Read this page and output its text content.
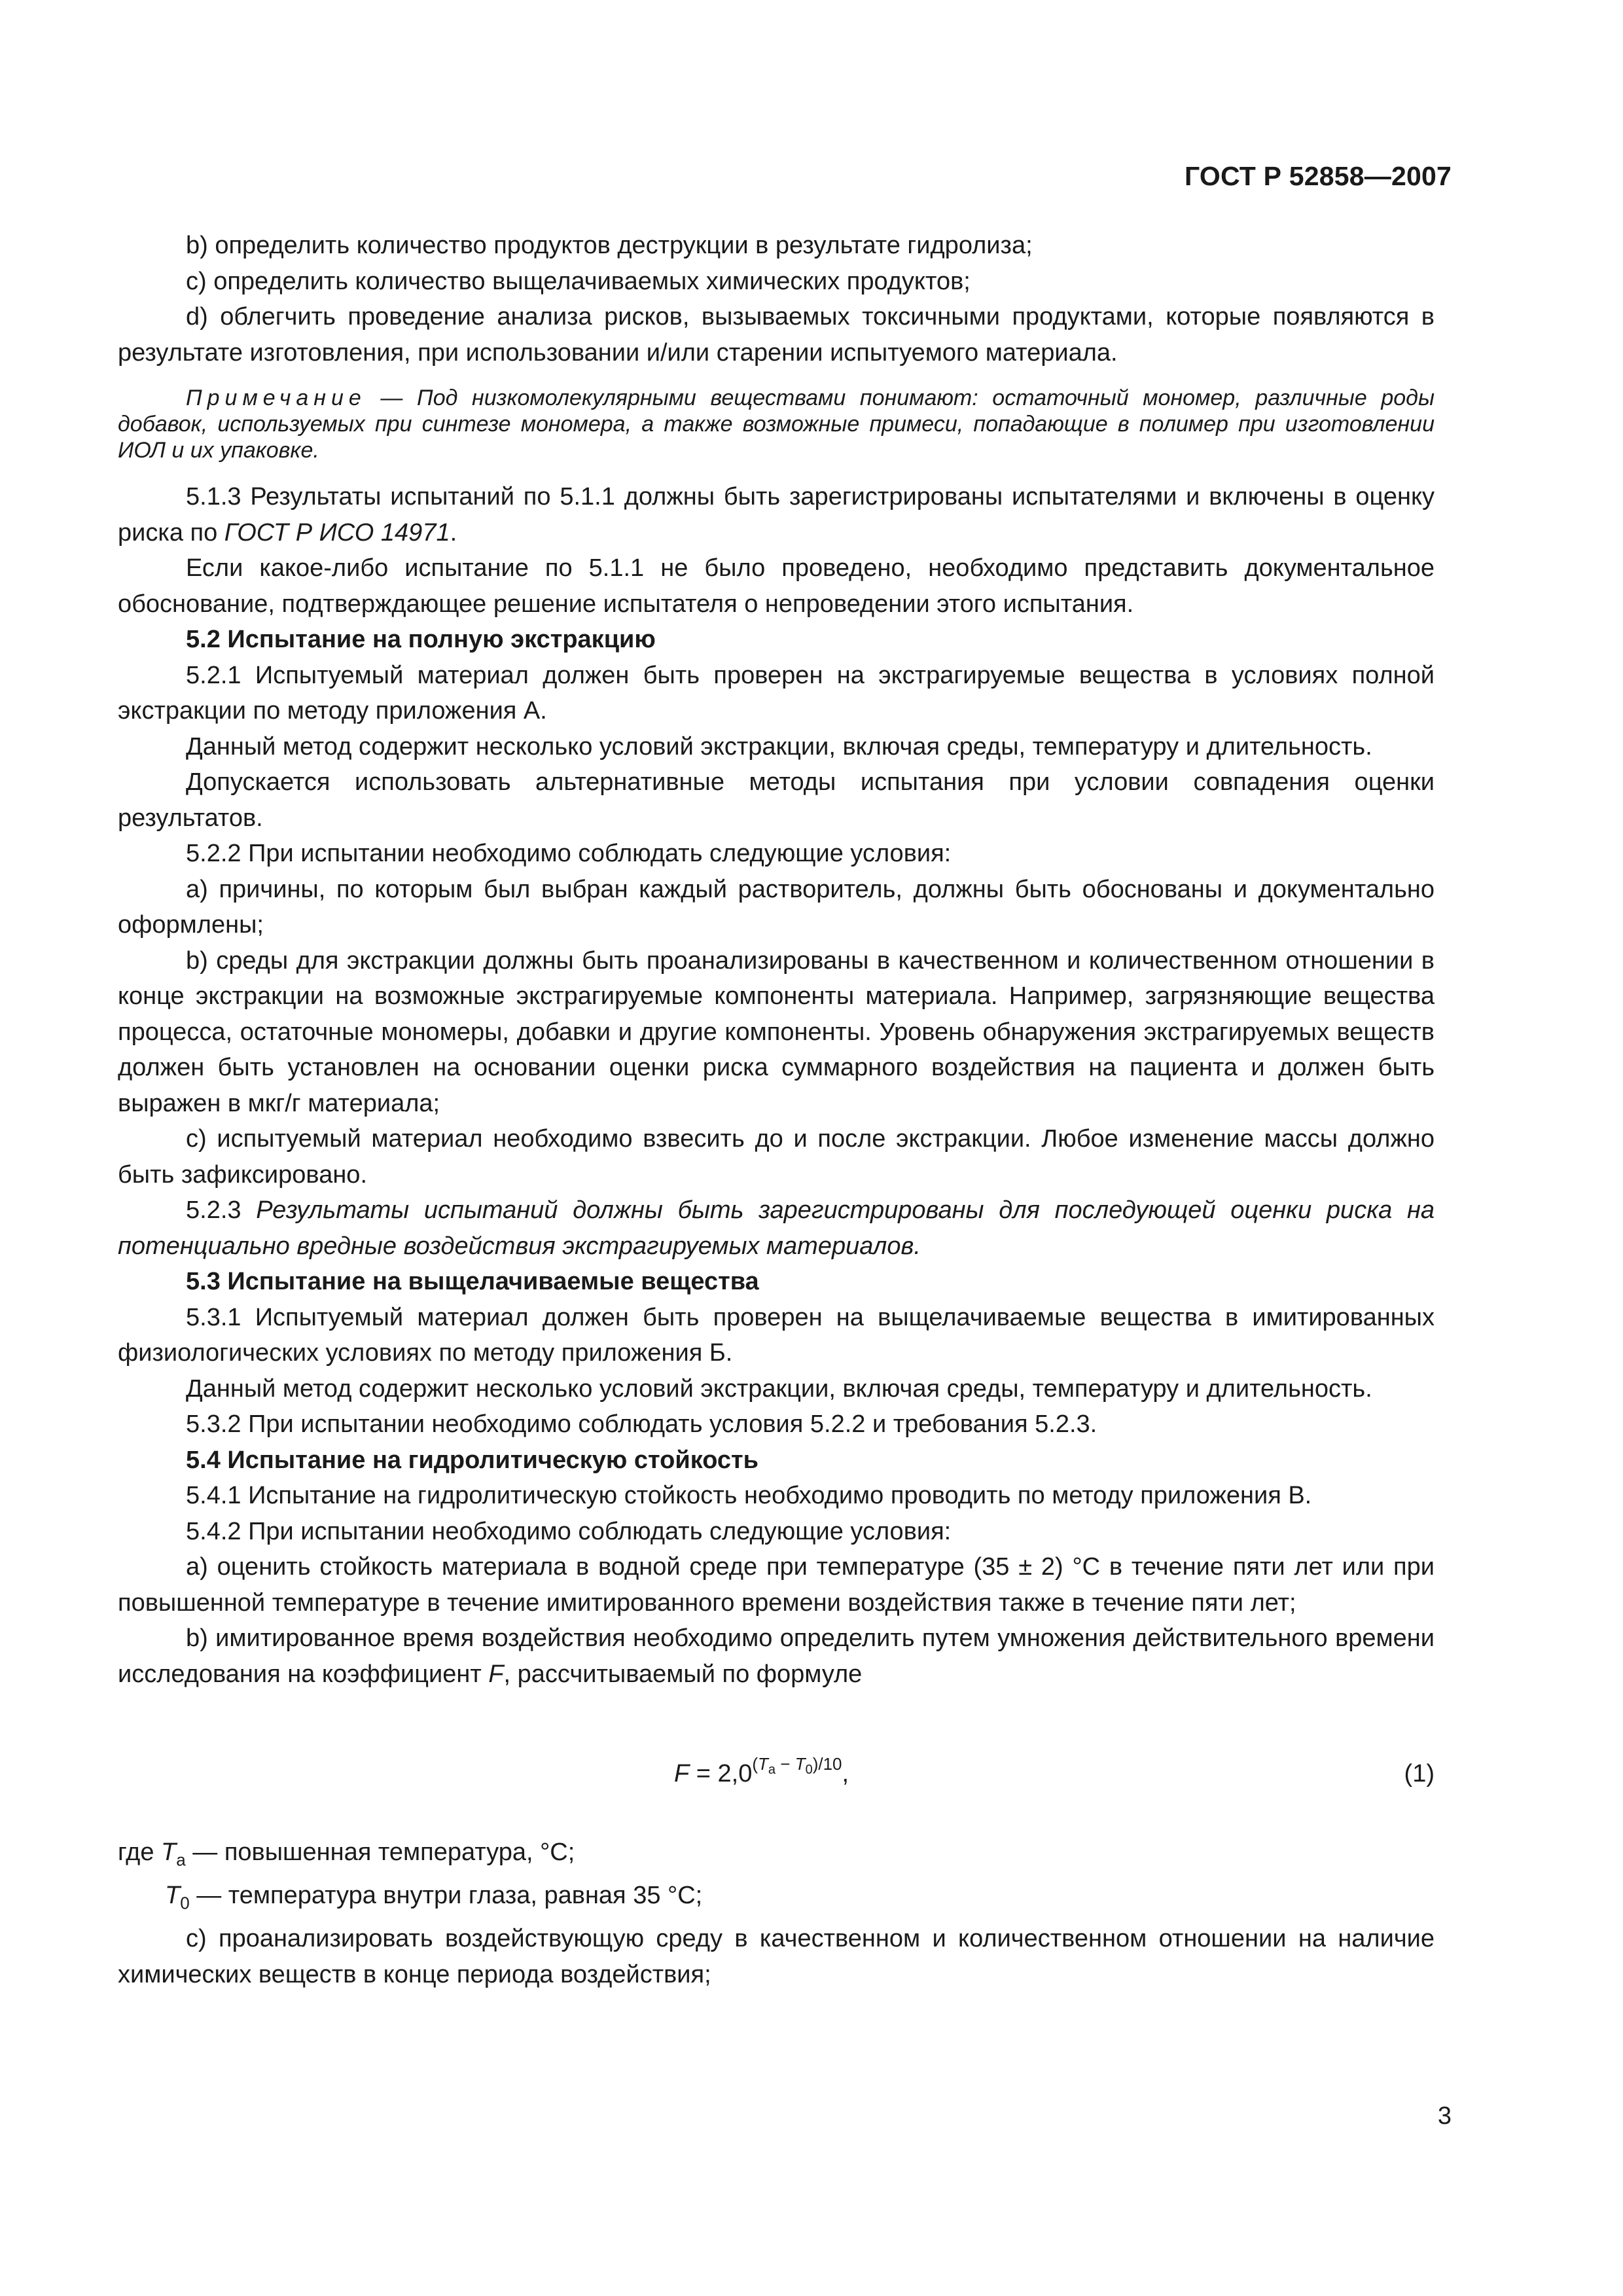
ГОСТ Р 52858—2007

b) определить количество продуктов деструкции в результате гидролиза;

c) определить количество выщелачиваемых химических продуктов;

d) облегчить проведение анализа рисков, вызываемых токсичными продуктами, которые появляются в результате изготовления, при использовании и/или старении испытуемого материала.

Примечание — Под низкомолекулярными веществами понимают: остаточный мономер, различные роды добавок, используемых при синтезе мономера, а также возможные примеси, попадающие в полимер при изготовлении ИОЛ и их упаковке.

5.1.3 Результаты испытаний по 5.1.1 должны быть зарегистрированы испытателями и включены в оценку риска по ГОСТ Р ИСО 14971.

Если какое-либо испытание по 5.1.1 не было проведено, необходимо представить документальное обоснование, подтверждающее решение испытателя о непроведении этого испытания.

5.2 Испытание на полную экстракцию

5.2.1 Испытуемый материал должен быть проверен на экстрагируемые вещества в условиях полной экстракции по методу приложения А.

Данный метод содержит несколько условий экстракции, включая среды, температуру и длительность.

Допускается использовать альтернативные методы испытания при условии совпадения оценки результатов.

5.2.2 При испытании необходимо соблюдать следующие условия:

а) причины, по которым был выбран каждый растворитель, должны быть обоснованы и документально оформлены;

b) среды для экстракции должны быть проанализированы в качественном и количественном отношении в конце экстракции на возможные экстрагируемые компоненты материала. Например, загрязняющие вещества процесса, остаточные мономеры, добавки и другие компоненты. Уровень обнаружения экстрагируемых веществ должен быть установлен на основании оценки риска суммарного воздействия на пациента и должен быть выражен в мкг/г материала;

c) испытуемый материал необходимо взвесить до и после экстракции. Любое изменение массы должно быть зафиксировано.

5.2.3 Результаты испытаний должны быть зарегистрированы для последующей оценки риска на потенциально вредные воздействия экстрагируемых материалов.

5.3 Испытание на выщелачиваемые вещества

5.3.1 Испытуемый материал должен быть проверен на выщелачиваемые вещества в имитированных физиологических условиях по методу приложения Б.

Данный метод содержит несколько условий экстракции, включая среды, температуру и длительность.

5.3.2 При испытании необходимо соблюдать условия 5.2.2 и требования 5.2.3.

5.4 Испытание на гидролитическую стойкость

5.4.1 Испытание на гидролитическую стойкость необходимо проводить по методу приложения В.

5.4.2 При испытании необходимо соблюдать следующие условия:

а) оценить стойкость материала в водной среде при температуре (35 ± 2) °С в течение пяти лет или при повышенной температуре в течение имитированного времени воздействия также в течение пяти лет;

b) имитированное время воздействия необходимо определить путем умножения действительного времени исследования на коэффициент F, рассчитываемый по формуле

$F = 2,0^{(T_a - T_0)/10}$,	(1)

где $T_a$ — повышенная температура, °С;

$T_0$ — температура внутри глаза, равная 35 °С;

c) проанализировать воздействующую среду в качественном и количественном отношении на наличие химических веществ в конце периода воздействия;

3
